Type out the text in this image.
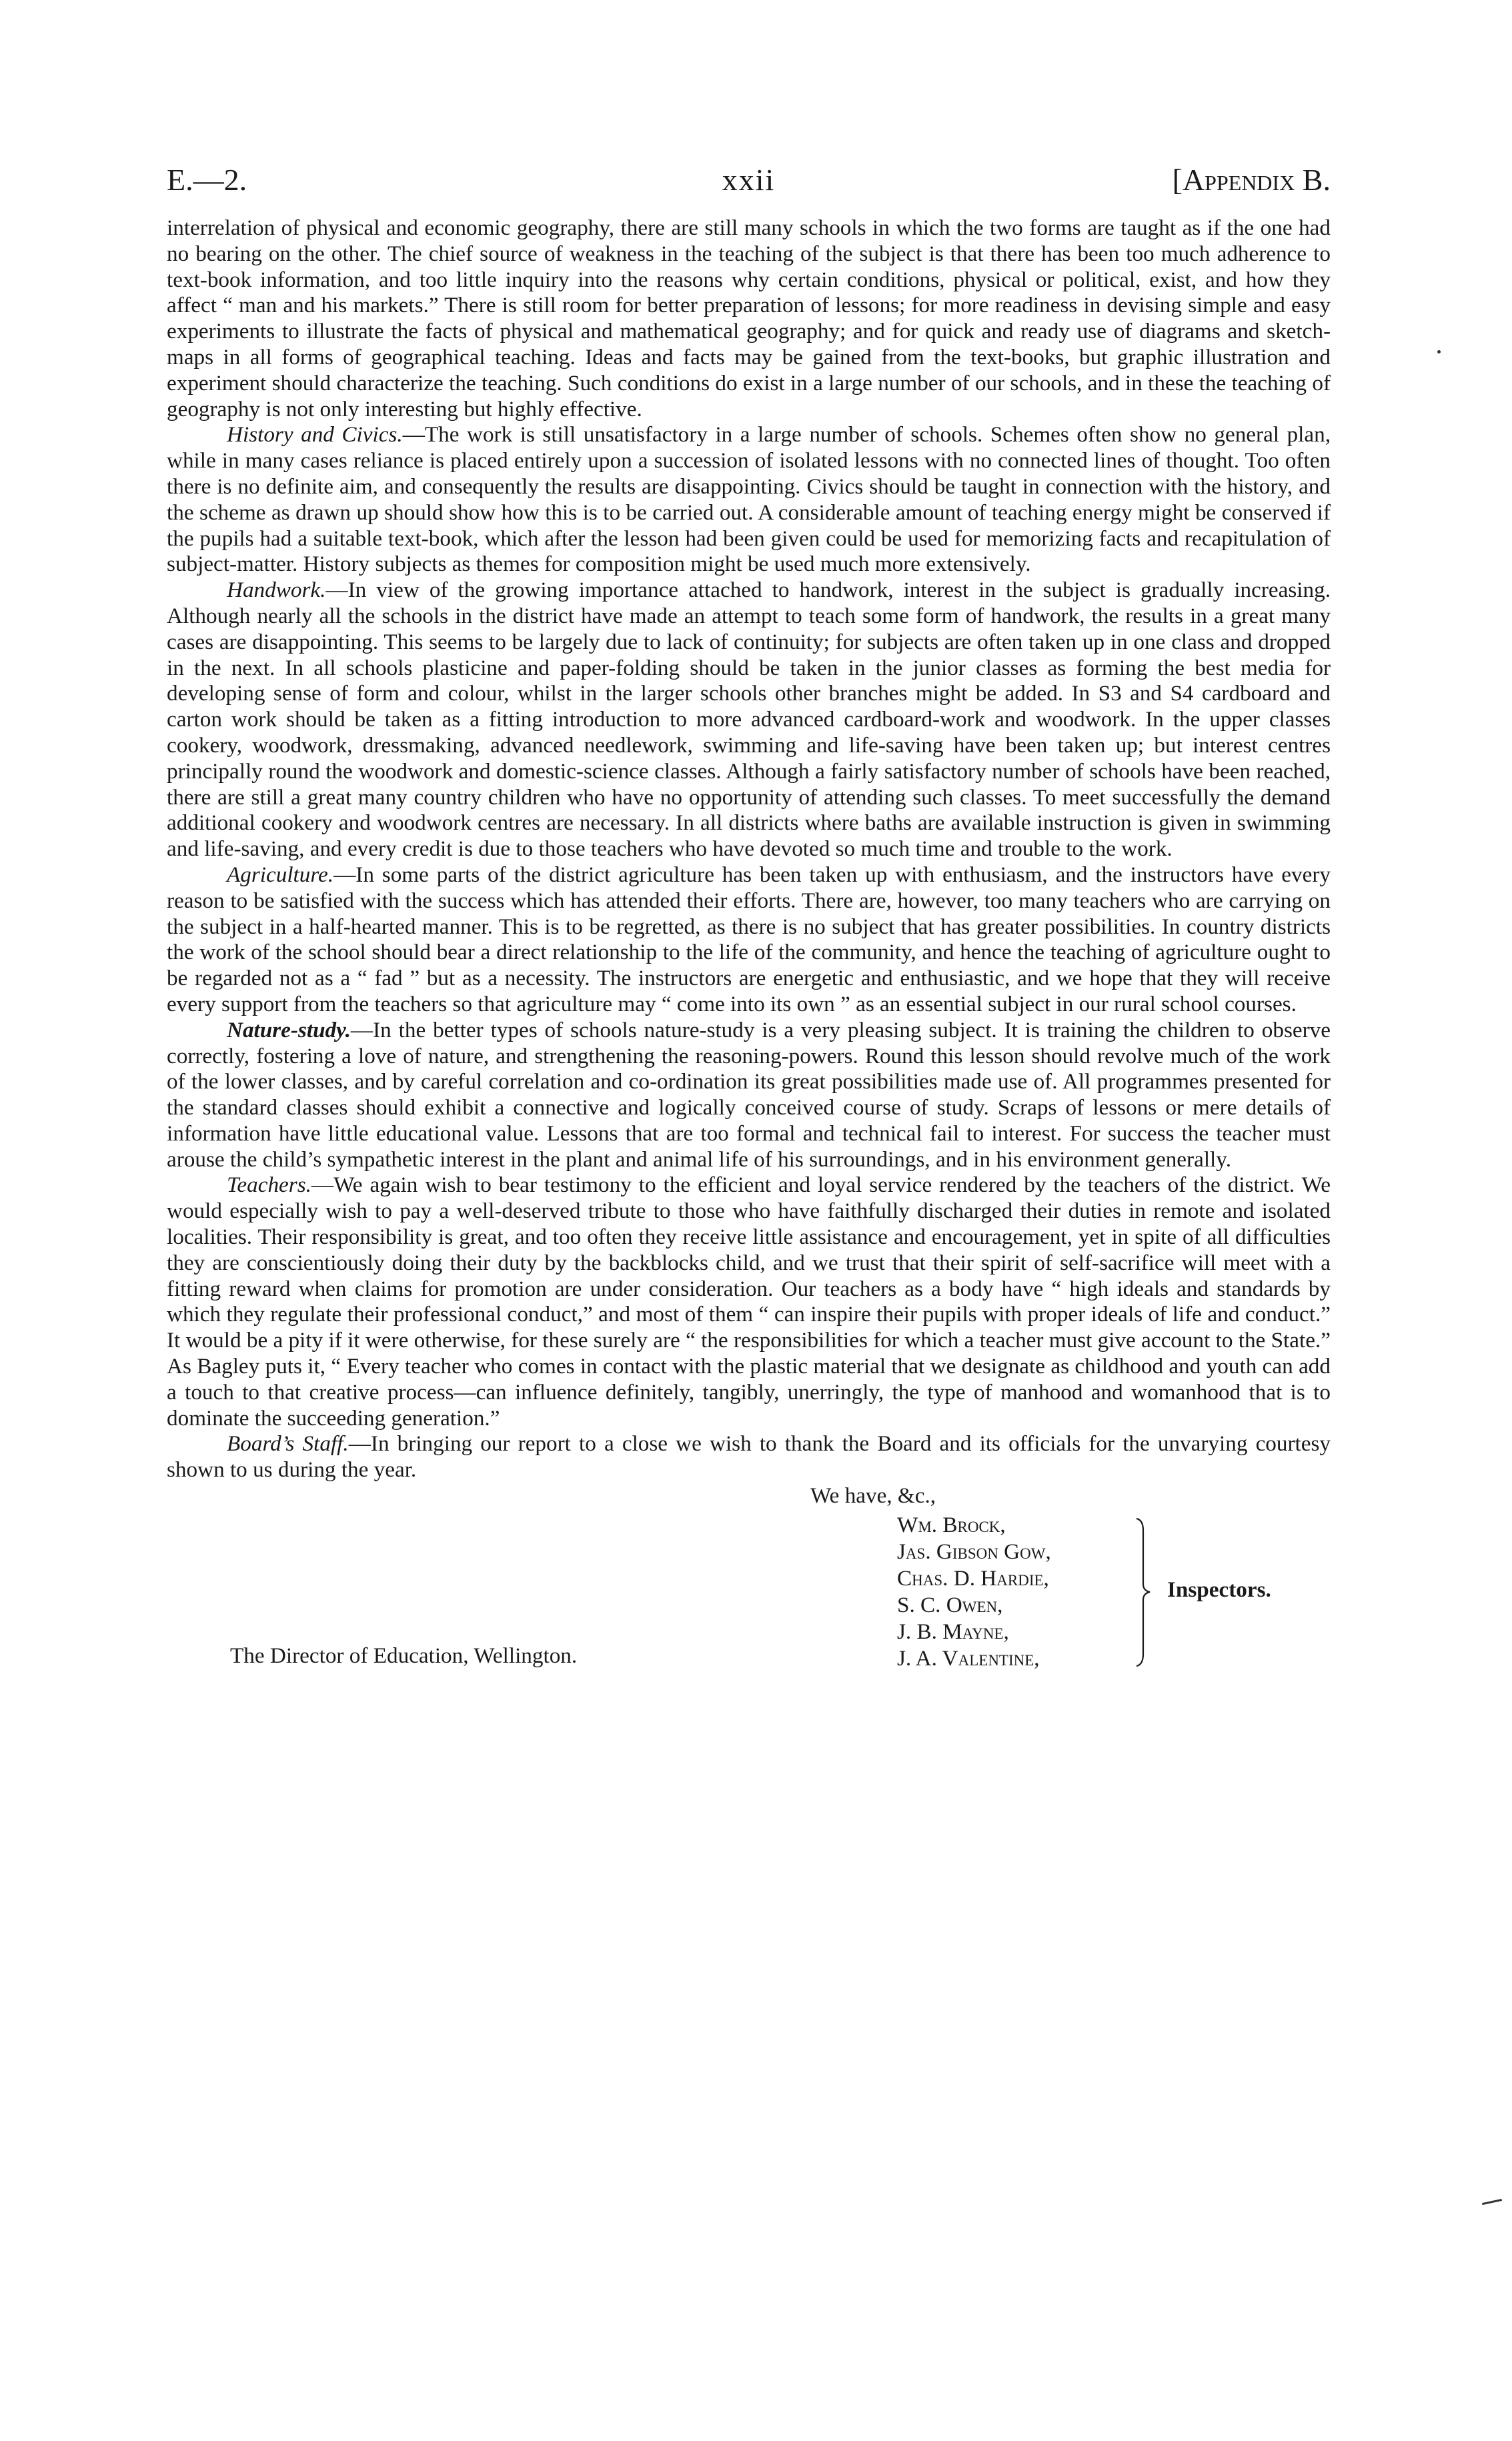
E.—2.	xxii	[Appendix B.

interrelation of physical and economic geography, there are still many schools in which the two forms are taught as if the one had no bearing on the other. The chief source of weakness in the teaching of the subject is that there has been too much adherence to text-book information, and too little inquiry into the reasons why certain conditions, physical or political, exist, and how they affect “ man and his markets.” There is still room for better preparation of lessons; for more readiness in devising simple and easy experiments to illustrate the facts of physical and mathematical geography; and for quick and ready use of diagrams and sketch-maps in all forms of geographical teaching. Ideas and facts may be gained from the text-books, but graphic illustration and experiment should characterize the teaching. Such conditions do exist in a large number of our schools, and in these the teaching of geography is not only interesting but highly effective.

History and Civics.—The work is still unsatisfactory in a large number of schools. Schemes often show no general plan, while in many cases reliance is placed entirely upon a succession of isolated lessons with no connected lines of thought. Too often there is no definite aim, and consequently the results are disappointing. Civics should be taught in connection with the history, and the scheme as drawn up should show how this is to be carried out. A considerable amount of teaching energy might be conserved if the pupils had a suitable text-book, which after the lesson had been given could be used for memorizing facts and recapitulation of subject-matter. History subjects as themes for composition might be used much more extensively.

Handwork.—In view of the growing importance attached to handwork, interest in the subject is gradually increasing. Although nearly all the schools in the district have made an attempt to teach some form of handwork, the results in a great many cases are disappointing. This seems to be largely due to lack of continuity; for subjects are often taken up in one class and dropped in the next. In all schools plasticine and paper-folding should be taken in the junior classes as forming the best media for developing sense of form and colour, whilst in the larger schools other branches might be added. In S3 and S4 cardboard and carton work should be taken as a fitting introduction to more advanced cardboard-work and woodwork. In the upper classes cookery, woodwork, dressmaking, advanced needlework, swimming and life-saving have been taken up; but interest centres principally round the woodwork and domestic-science classes. Although a fairly satisfactory number of schools have been reached, there are still a great many country children who have no opportunity of attending such classes. To meet successfully the demand additional cookery and woodwork centres are necessary. In all districts where baths are available instruction is given in swimming and life-saving, and every credit is due to those teachers who have devoted so much time and trouble to the work.

Agriculture.—In some parts of the district agriculture has been taken up with enthusiasm, and the instructors have every reason to be satisfied with the success which has attended their efforts. There are, however, too many teachers who are carrying on the subject in a half-hearted manner. This is to be regretted, as there is no subject that has greater possibilities. In country districts the work of the school should bear a direct relationship to the life of the community, and hence the teaching of agriculture ought to be regarded not as a “ fad ” but as a necessity. The instructors are energetic and enthusiastic, and we hope that they will receive every support from the teachers so that agriculture may “ come into its own ” as an essential subject in our rural school courses.

Nature-study.—In the better types of schools nature-study is a very pleasing subject. It is training the children to observe correctly, fostering a love of nature, and strengthening the reasoning-powers. Round this lesson should revolve much of the work of the lower classes, and by careful correlation and co-ordination its great possibilities made use of. All programmes presented for the standard classes should exhibit a connective and logically conceived course of study. Scraps of lessons or mere details of information have little educational value. Lessons that are too formal and technical fail to interest. For success the teacher must arouse the child’s sympathetic interest in the plant and animal life of his surroundings, and in his environment generally.

Teachers.—We again wish to bear testimony to the efficient and loyal service rendered by the teachers of the district. We would especially wish to pay a well-deserved tribute to those who have faithfully discharged their duties in remote and isolated localities. Their responsibility is great, and too often they receive little assistance and encouragement, yet in spite of all difficulties they are conscientiously doing their duty by the backblocks child, and we trust that their spirit of self-sacrifice will meet with a fitting reward when claims for promotion are under consideration. Our teachers as a body have “ high ideals and standards by which they regulate their professional conduct,” and most of them “ can inspire their pupils with proper ideals of life and conduct.” It would be a pity if it were otherwise, for these surely are “ the responsibilities for which a teacher must give account to the State.” As Bagley puts it, “ Every teacher who comes in contact with the plastic material that we designate as childhood and youth can add a touch to that creative process—can influence definitely, tangibly, unerringly, the type of manhood and womanhood that is to dominate the succeeding generation.”

Board’s Staff.—In bringing our report to a close we wish to thank the Board and its officials for the unvarying courtesy shown to us during the year.

We have, &c.,
Wm. Brock,
Jas. Gibson Gow,
Chas. D. Hardie,
S. C. Owen,
J. B. Mayne,
J. A. Valentine,
Inspectors.
The Director of Education, Wellington.
